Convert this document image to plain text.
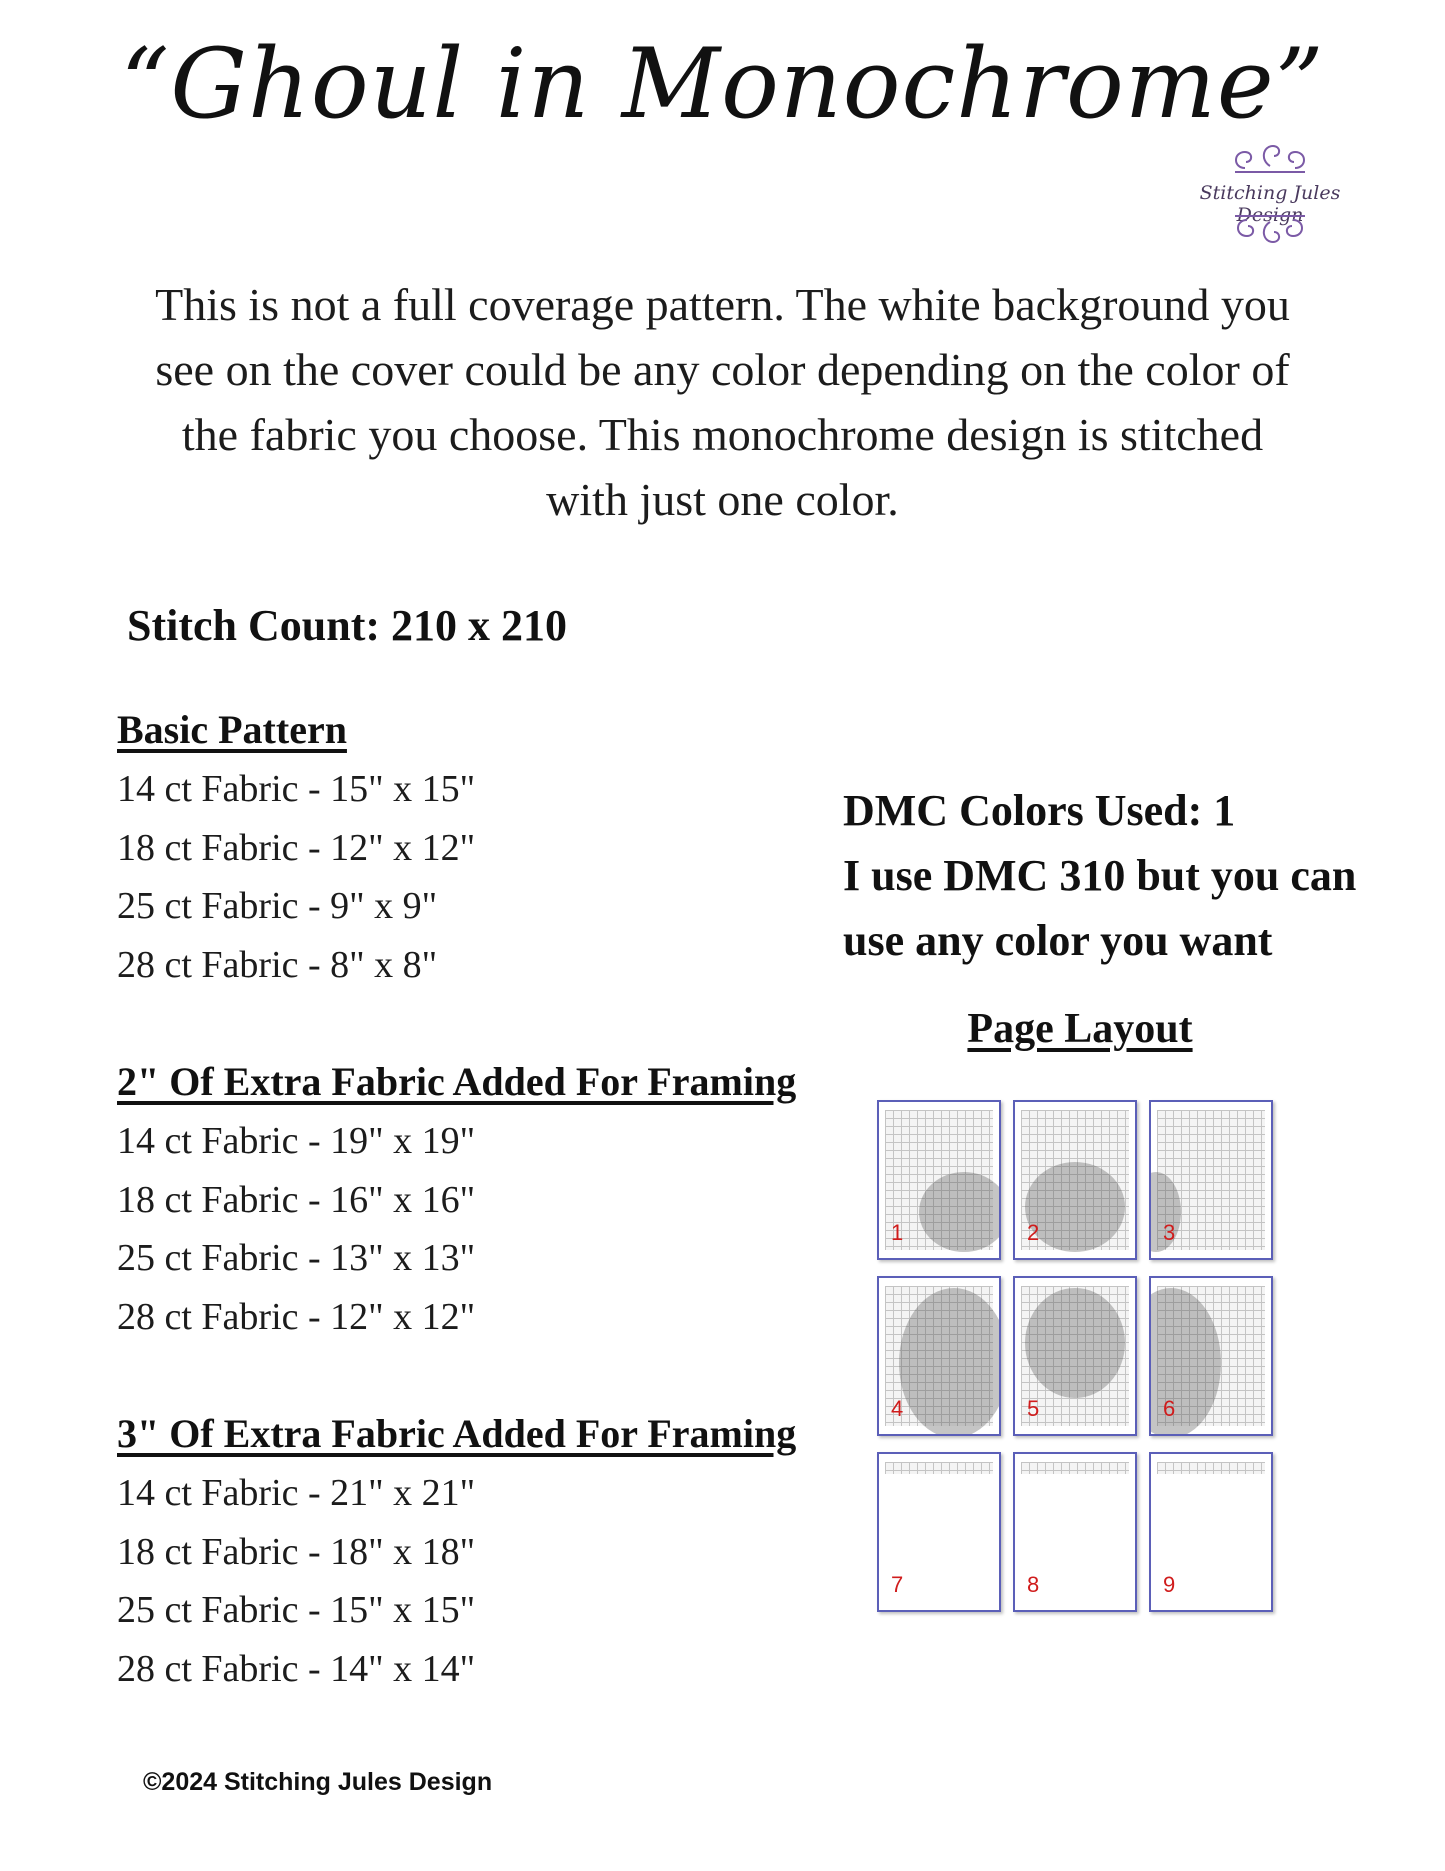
“Ghoul in Monochrome”
Stitching Jules Design
This is not a full coverage pattern. The white background you see on the cover could be any color depending on the color of the fabric you choose. This monochrome design is stitched with just one color.
Stitch Count: 210 x 210
Basic Pattern
14 ct Fabric - 15" x 15"
18 ct Fabric - 12" x 12"
25 ct Fabric - 9" x 9"
28 ct Fabric - 8" x 8"
2" Of Extra Fabric Added For Framing
14 ct Fabric - 19" x 19"
18 ct Fabric - 16" x 16"
25 ct Fabric - 13" x 13"
28 ct Fabric - 12" x 12"
3" Of Extra Fabric Added For Framing
14 ct Fabric - 21" x 21"
18 ct Fabric - 18" x 18"
25 ct Fabric - 15" x 15"
28 ct Fabric - 14" x 14"
DMC Colors Used: 1
I use DMC 310 but you can
use any color you want
Page Layout
1	2	3
4	5	6
7	8	9
©2024 Stitching Jules Design
